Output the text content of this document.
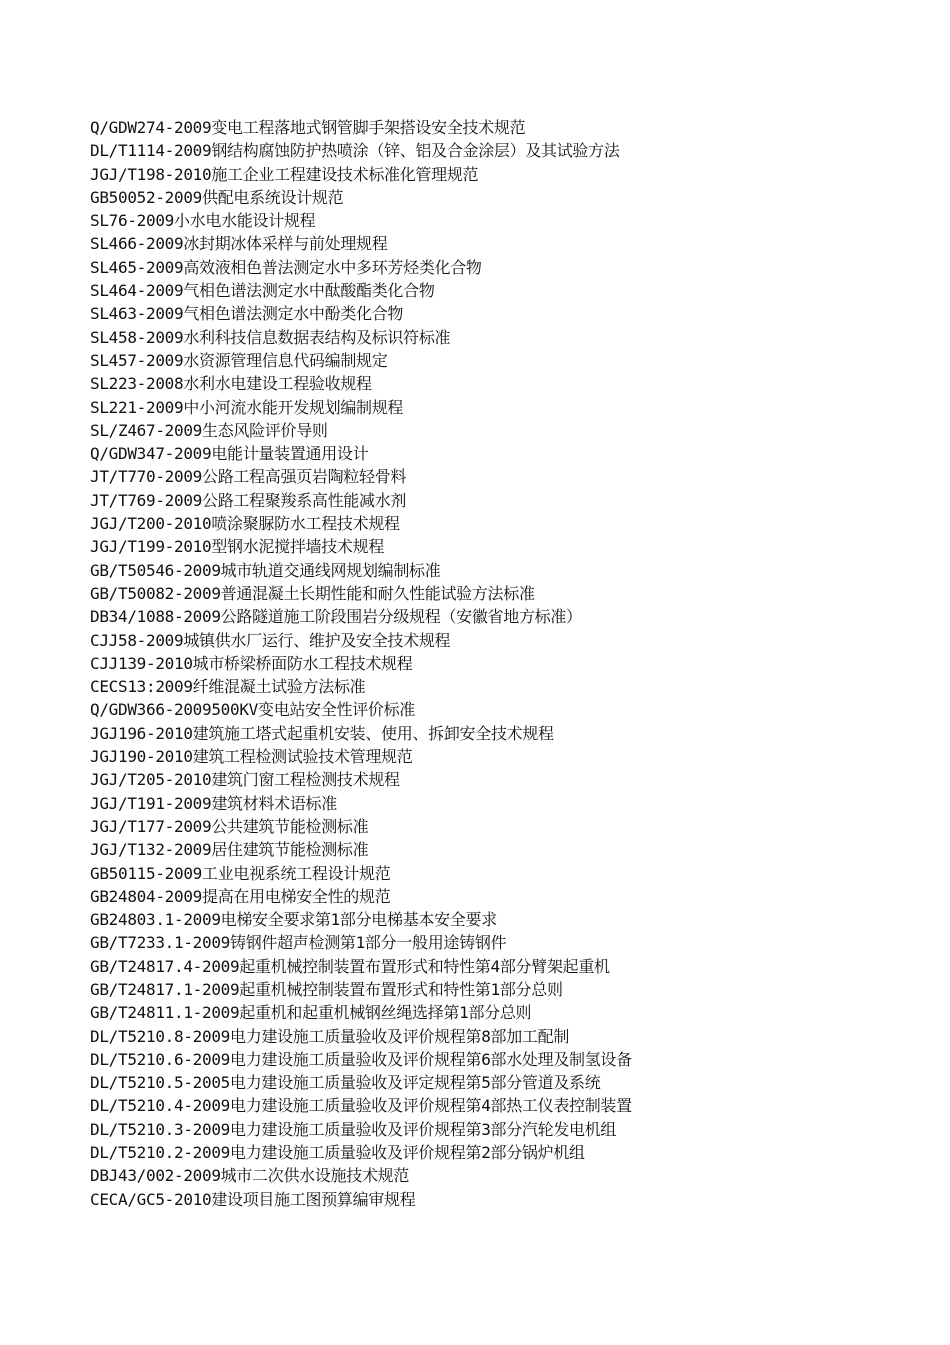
Q/GDW274-2009变电工程落地式钢管脚手架搭设安全技术规范
DL/T1114-2009钢结构腐蚀防护热喷涂（锌、铝及合金涂层）及其试验方法
JGJ/T198-2010施工企业工程建设技术标准化管理规范
GB50052-2009供配电系统设计规范
SL76-2009小水电水能设计规程
SL466-2009冰封期冰体采样与前处理规程
SL465-2009高效液相色普法测定水中多环芳烃类化合物
SL464-2009气相色谱法测定水中酞酸酯类化合物
SL463-2009气相色谱法测定水中酚类化合物
SL458-2009水利科技信息数据表结构及标识符标准
SL457-2009水资源管理信息代码编制规定
SL223-2008水利水电建设工程验收规程
SL221-2009中小河流水能开发规划编制规程
SL/Z467-2009生态风险评价导则
Q/GDW347-2009电能计量装置通用设计
JT/T770-2009公路工程高强页岩陶粒轻骨料
JT/T769-2009公路工程聚羧系高性能减水剂
JGJ/T200-2010喷涂聚脲防水工程技术规程
JGJ/T199-2010型钢水泥搅拌墙技术规程
GB/T50546-2009城市轨道交通线网规划编制标准
GB/T50082-2009普通混凝土长期性能和耐久性能试验方法标准
DB34/1088-2009公路隧道施工阶段围岩分级规程（安徽省地方标准）
CJJ58-2009城镇供水厂运行、维护及安全技术规程
CJJ139-2010城市桥梁桥面防水工程技术规程
CECS13:2009纤维混凝土试验方法标准
Q/GDW366-2009500KV变电站安全性评价标准
JGJ196-2010建筑施工塔式起重机安装、使用、拆卸安全技术规程
JGJ190-2010建筑工程检测试验技术管理规范
JGJ/T205-2010建筑门窗工程检测技术规程
JGJ/T191-2009建筑材料术语标准
JGJ/T177-2009公共建筑节能检测标准
JGJ/T132-2009居住建筑节能检测标准
GB50115-2009工业电视系统工程设计规范
GB24804-2009提高在用电梯安全性的规范
GB24803.1-2009电梯安全要求第1部分电梯基本安全要求
GB/T7233.1-2009铸钢件超声检测第1部分一般用途铸钢件
GB/T24817.4-2009起重机械控制装置布置形式和特性第4部分臂架起重机
GB/T24817.1-2009起重机械控制装置布置形式和特性第1部分总则
GB/T24811.1-2009起重机和起重机械钢丝绳选择第1部分总则
DL/T5210.8-2009电力建设施工质量验收及评价规程第8部加工配制
DL/T5210.6-2009电力建设施工质量验收及评价规程第6部水处理及制氢设备
DL/T5210.5-2005电力建设施工质量验收及评定规程第5部分管道及系统
DL/T5210.4-2009电力建设施工质量验收及评价规程第4部热工仪表控制装置
DL/T5210.3-2009电力建设施工质量验收及评价规程第3部分汽轮发电机组
DL/T5210.2-2009电力建设施工质量验收及评价规程第2部分锅炉机组
DBJ43/002-2009城市二次供水设施技术规范
CECA/GC5-2010建设项目施工图预算编审规程
